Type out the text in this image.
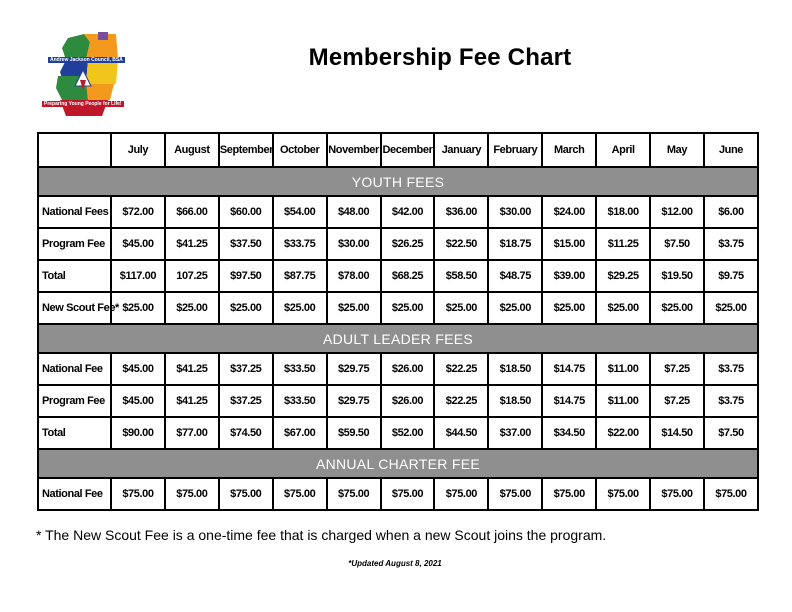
Andrew Jackson Council, BSA
Preparing Young People for Life!
Membership Fee Chart
	July	August	September	October	November	December	January	February	March	April	May	June
YOUTH FEES												
National Fees	$72.00	$66.00	$60.00	$54.00	$48.00	$42.00	$36.00	$30.00	$24.00	$18.00	$12.00	$6.00
Program Fee	$45.00	$41.25	$37.50	$33.75	$30.00	$26.25	$22.50	$18.75	$15.00	$11.25	$7.50	$3.75
Total	$117.00	107.25	$97.50	$87.75	$78.00	$68.25	$58.50	$48.75	$39.00	$29.25	$19.50	$9.75
New Scout Fee*	$25.00	$25.00	$25.00	$25.00	$25.00	$25.00	$25.00	$25.00	$25.00	$25.00	$25.00	$25.00
ADULT LEADER FEES												
National Fee	$45.00	$41.25	$37.25	$33.50	$29.75	$26.00	$22.25	$18.50	$14.75	$11.00	$7.25	$3.75
Program Fee	$45.00	$41.25	$37.25	$33.50	$29.75	$26.00	$22.25	$18.50	$14.75	$11.00	$7.25	$3.75
Total	$90.00	$77.00	$74.50	$67.00	$59.50	$52.00	$44.50	$37.00	$34.50	$22.00	$14.50	$7.50
ANNUAL CHARTER FEE												
National Fee	$75.00	$75.00	$75.00	$75.00	$75.00	$75.00	$75.00	$75.00	$75.00	$75.00	$75.00	$75.00
* The New Scout Fee is a one-time fee that is charged when a new Scout joins the program.
*Updated August 8, 2021
